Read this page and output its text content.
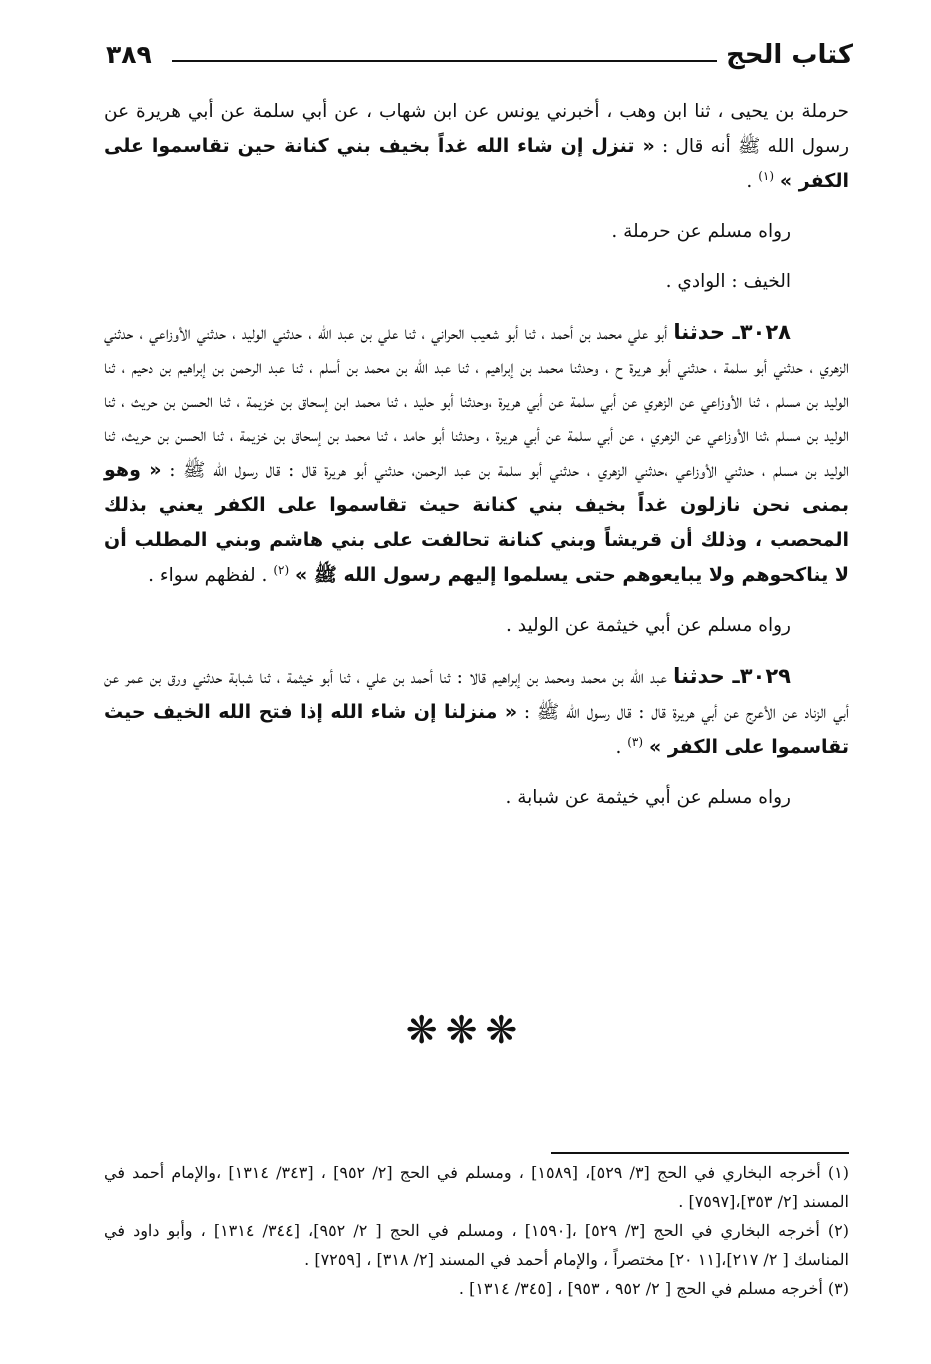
كتاب الحج
٣٨٩

حرملة بن يحيى ، ثنا ابن وهب ، أخبرني يونس عن ابن شهاب ، عن أبي سلمة عن أبي هريرة عن رسول الله ﷺ أنه قال : « تنزل إن شاء الله غداً بخيف بني كنانة حين تقاسموا على الكفر » $^{(١)}$ .

رواه مسلم عن حرملة .

الخيف : الوادي .

٣٠٢٨ـ حدثنا أبو علي محمد بن أحمد ، ثنا أبو شعيب الحراني ، ثنا علي بن عبد الله ، حدثني الوليد ، حدثني الأوزاعي ، حدثني الزهري ، حدثني أبو سلمة ، حدثني أبو هريرة ح ، وحدثنا محمد بن إبراهيم ، ثنا عبد الله بن محمد بن أسلم ، ثنا عبد الرحمن بن إبراهيم بن دحيم ، ثنا الوليد بن مسلم ، ثنا الأوزاعي عن الزهري عن أبي سلمة عن أبي هريرة ،وحدثنا أبو حليد ، ثنا محمد ابن إسحاق بن خزيمة ، ثنا الحسن بن حريث ، ثنا الوليد بن مسلم ،ثنا الأوزاعي عن الزهري ، عن أبي سلمة عن أبي هريرة ، وحدثنا أبو حامد ، ثنا محمد بن إسحاق بن خزيمة ، ثنا الحسن بن حريث، ثنا الوليد بن مسلم ، حدثني الأوزاعي ،حدثني الزهري ، حدثني أبو سلمة بن عبد الرحمن، حدثني أبو هريرة قال : قال رسول الله ﷺ : « وهو بمنى نحن نازلون غداً بخيف بني كنانة حيث تقاسموا على الكفر يعني بذلك المحصب ، وذلك أن قريشاً وبني كنانة تحالفت على بني هاشم وبني المطلب أن لا يناكحوهم ولا يبايعوهم حتى يسلموا إليهم رسول الله ﷺ » $^{(٢)}$ . لفظهم سواء .

رواه مسلم عن أبي خيثمة عن الوليد .

٣٠٢٩ـ حدثنا عبد الله بن محمد ومحمد بن إبراهيم قالا : ثنا أحمد بن علي ، ثنا أبو خيثمة ، ثنا شبابة حدثني ورق بن عمر عن أبي الزناد عن الأعرج عن أبي هريرة قال : قال رسول الله ﷺ : « منزلنا إن شاء الله إذا فتح الله الخيف حيث تقاسموا على الكفر » $^{(٣)}$ .

رواه مسلم عن أبي خيثمة عن شبابة .

❋❋❋

(١) أخرجه البخاري في الحج [٣/ ٥٢٩]، [١٥٨٩] ، ومسلم في الحج [٢/ ٩٥٢] ، [٣٤٣/ ١٣١٤] ،والإمام أحمد في المسند [٢/ ٣٥٣]،[٧٥٩٧] .

(٢) أخرجه البخاري في الحج [٣/ ٥٢٩] ،[١٥٩٠] ، ومسلم في الحج [ ٢/ ٩٥٢]، [٣٤٤/ ١٣١٤] ، وأبو داود في المناسك [ ٢/ ٢١٧]،[١١ ٢٠] مختصراً ، والإمام أحمد في المسند [٢/ ٣١٨] ، [٧٢٥٩] .

(٣) أخرجه مسلم في الحج [ ٢/ ٩٥٢ ، ٩٥٣] ، [٣٤٥/ ١٣١٤] .
